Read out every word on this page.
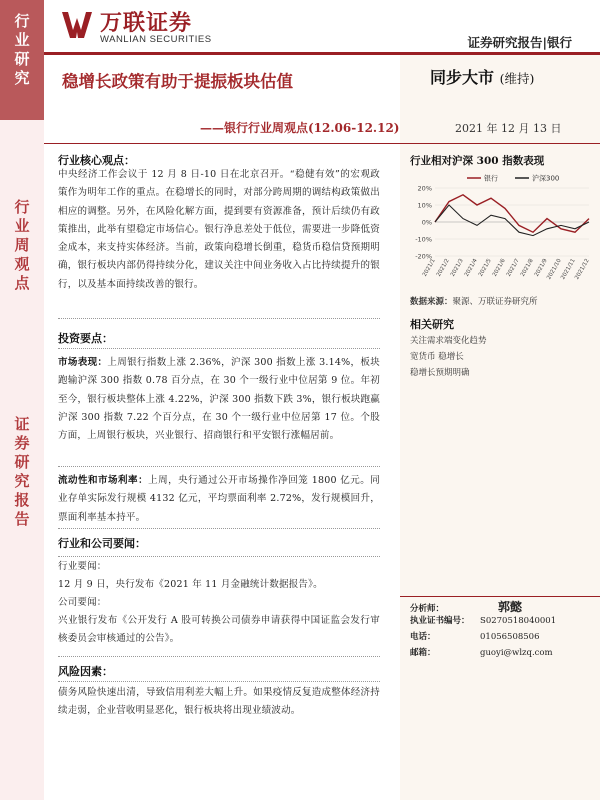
行业研究
行业周观点
证券研究报告
万联证券
WANLIAN SECURITIES	证券研究报告|银行
稳增长政策有助于提振板块估值
——银行行业周观点(12.06-12.12)
同步大市 (维持)
2021 年 12 月 13 日
行业核心观点：
中央经济工作会议于 12 月 8 日-10 日在北京召开。“稳健有效”的宏观政策作为明年工作的重点。在稳增长的同时，对部分跨周期的调结构政策做出相应的调整。另外，在风险化解方面，提到要有资源准备，预计后续仍有政策推出，此举有望稳定市场信心。银行净息差处于低位，需要进一步降低资金成本，来支持实体经济。当前，政策向稳增长倒重，稳货币稳信贷预期明确，银行板块内部仍得持续分化，建议关注中间业务收入占比持续提升的银行，以及基本面持续改善的银行。
投资要点：
市场表现：上周银行指数上涨 2.36%，沪深 300 指数上涨 3.14%，板块跑输沪深 300 指数 0.78 百分点，在 30 个一级行业中位居第 9 位。年初至今，银行板块整体上涨 4.22%，沪深 300 指数下跌 3%，银行板块跑赢沪深 300 指数 7.22 个百分点，在 30 个一级行业中位居第 17 位。个股方面，上周银行板块，兴业银行、招商银行和平安银行涨幅居前。
流动性和市场利率：上周，央行通过公开市场操作净回笼 1800 亿元。同业存单实际发行规模 4132 亿元，平均票面利率 2.72%，发行规模回升，票面利率基本持平。
行业和公司要闻：
行业要闻：
12 月 9 日，央行发布《2021 年 11 月金融统计数据报告》。
公司要闻：
兴业银行发布《公开发行 A 股可转换公司债券申请获得中国证监会发行审核委员会审核通过的公告》。
风险因素：
债务风险快速出清，导致信用利差大幅上升。如果疫情反复造成整体经济持续走弱，企业营收明显恶化，银行板块将出现业绩波动。
行业相对沪深 300 指数表现
20%
10%
0%
-10%
-20%
2021/1 2021/2 2021/3 2021/4 2021/5 2021/6 2021/7 2021/8 2021/9
2021/10
2021/11
2021/12
银行	沪深300
数据来源：聚源、万联证券研究所
相关研究
关注需求端变化趋势
宽货币 稳增长
稳增长预期明确
分析师：	郭懿
执业证书编号： S0270518040001
电话：	01056508506
邮箱：	guoyi@wlzq.com
